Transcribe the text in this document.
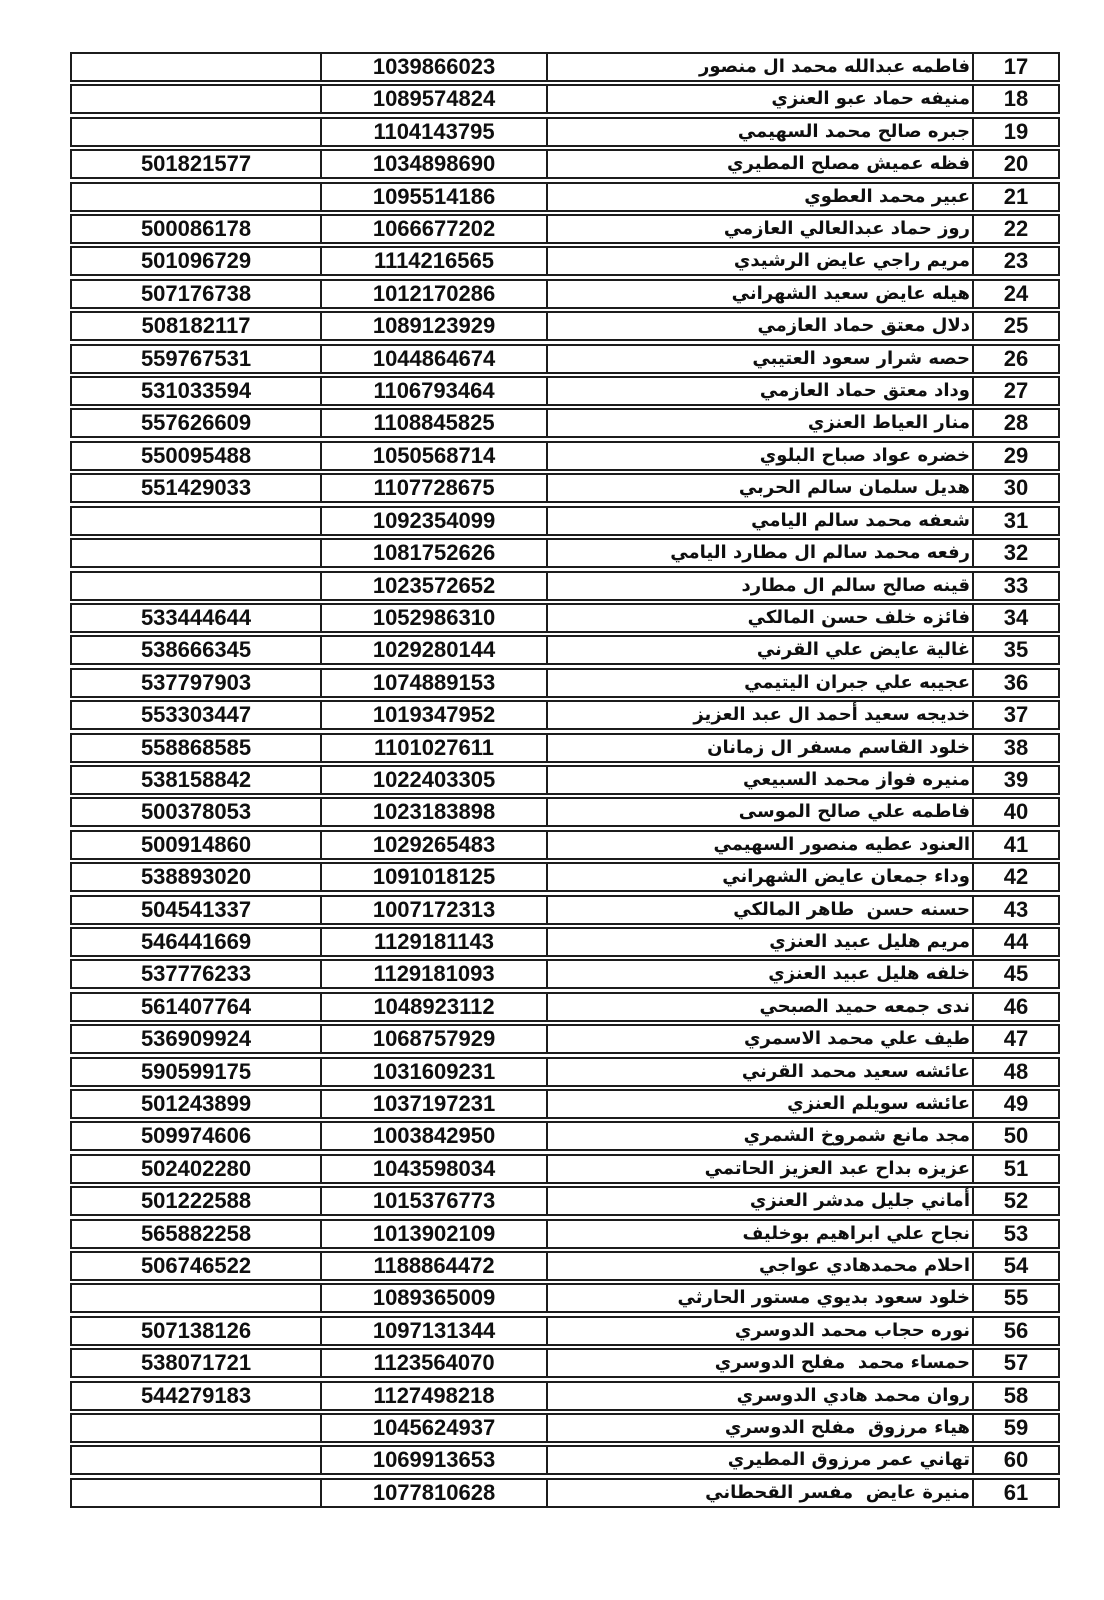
17
فاطمه عبدالله محمد ال منصور
1039866023
18
منيفه حماد عبو العنزي
1089574824
19
جبره صالح محمد السهيمي
1104143795
20
فظه عميش مصلح المطيري
1034898690
501821577
21
عبير محمد العطوي
1095514186
22
روز حماد عبدالعالي العازمي
1066677202
500086178
23
مريم راجي عايض الرشيدي
1114216565
501096729
24
هيله عايض سعيد الشهراني
1012170286
507176738
25
دلال معتق حماد العازمي
1089123929
508182117
26
حصه شرار سعود العتيبي
1044864674
559767531
27
وداد معتق حماد العازمي
1106793464
531033594
28
منار العياط العنزي
1108845825
557626609
29
خضره عواد صباح البلوي
1050568714
550095488
30
هديل سلمان سالم الحربي
1107728675
551429033
31
شعفه محمد سالم اليامي
1092354099
32
رفعه محمد سالم ال مطارد اليامي
1081752626
33
قينه صالح سالم ال مطارد
1023572652
34
فائزه خلف حسن المالكي
1052986310
533444644
35
غالية عايض علي القرني
1029280144
538666345
36
عجيبه علي جبران اليتيمي
1074889153
537797903
37
خديجه سعيد أحمد ال عبد العزيز
1019347952
553303447
38
خلود القاسم مسفر ال زمانان
1101027611
558868585
39
منيره فواز محمد السبيعي
1022403305
538158842
40
فاطمه علي صالح الموسى
1023183898
500378053
41
العنود عطيه منصور السهيمي
1029265483
500914860
42
وداء جمعان عايض الشهراني
1091018125
538893020
43
حسنه حسن  طاهر المالكي
1007172313
504541337
44
مريم هليل عبيد العنزي
1129181143
546441669
45
خلفه هليل عبيد العنزي
1129181093
537776233
46
ندى جمعه حميد الصبحي
1048923112
561407764
47
طيف علي محمد الاسمري
1068757929
536909924
48
عائشه سعيد محمد القرني
1031609231
590599175
49
عائشه سويلم العنزي
1037197231
501243899
50
مجد مانع شمروخ الشمري
1003842950
509974606
51
عزيزه بداح عبد العزيز الحاتمي
1043598034
502402280
52
أماني جليل مدشر العنزي
1015376773
501222588
53
نجاح علي ابراهيم بوخليف
1013902109
565882258
54
احلام محمدهادي عواجي
1188864472
506746522
55
خلود سعود بديوي مستور الحارثي
1089365009
56
نوره حجاب محمد الدوسري
1097131344
507138126
57
حمساء محمد  مفلح الدوسري
1123564070
538071721
58
روان محمد هادي الدوسري
1127498218
544279183
59
هياء مرزوق  مفلح الدوسري
1045624937
60
تهاني عمر مرزوق المطيري
1069913653
61
منيرة عايض  مفسر القحطاني
1077810628
